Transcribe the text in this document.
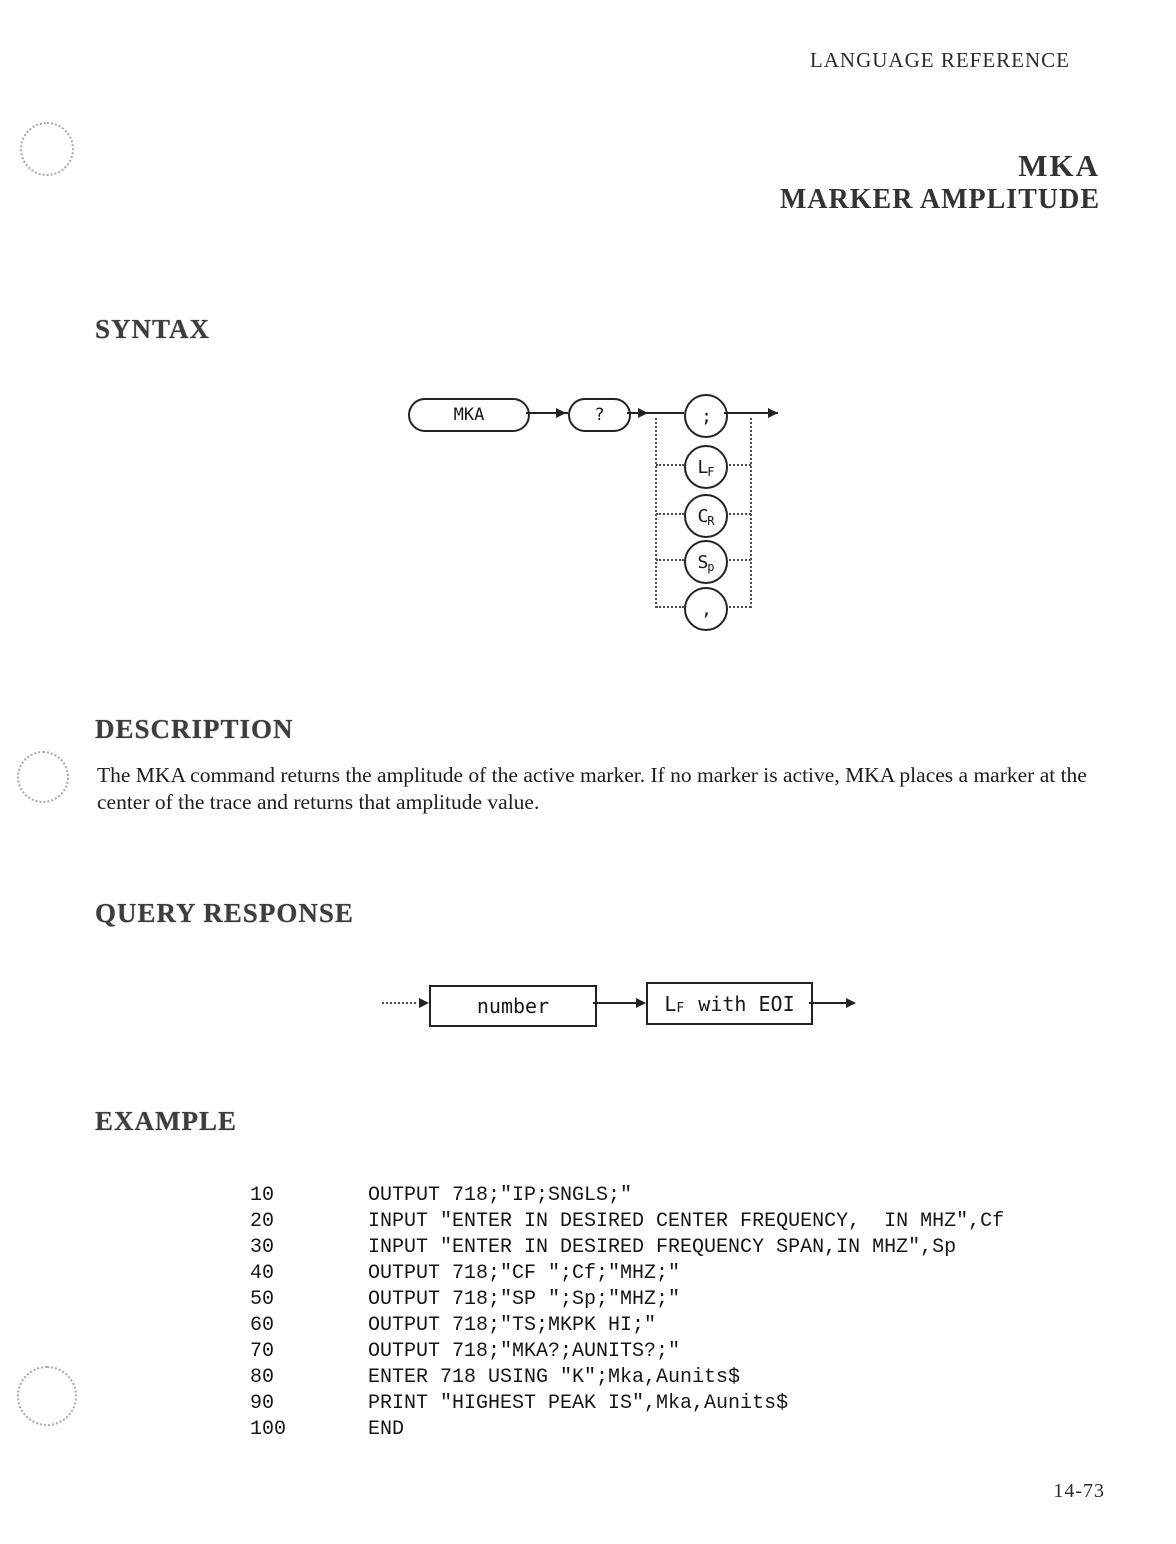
LANGUAGE REFERENCE
MKA
MARKER AMPLITUDE
SYNTAX
MKA	?	;
L F
C R
S p
,
DESCRIPTION
The MKA command returns the amplitude of the active marker. If no marker is active, MKA places a marker at the center of the trace and returns that amplitude value.
QUERY RESPONSE
number	L F with EOI
EXAMPLE
10	OUTPUT 718;"IP;SNGLS;"
20	INPUT "ENTER IN DESIRED CENTER FREQUENCY,  IN MHZ",Cf
30	INPUT "ENTER IN DESIRED FREQUENCY SPAN,IN MHZ",Sp
40	OUTPUT 718;"CF ";Cf;"MHZ;"
50	OUTPUT 718;"SP ";Sp;"MHZ;"
60	OUTPUT 718;"TS;MKPK HI;"
70	OUTPUT 718;"MKA?;AUNITS?;"
80	ENTER 718 USING "K";Mka,Aunits$
90	PRINT "HIGHEST PEAK IS",Mka,Aunits$
100	END
14-73
